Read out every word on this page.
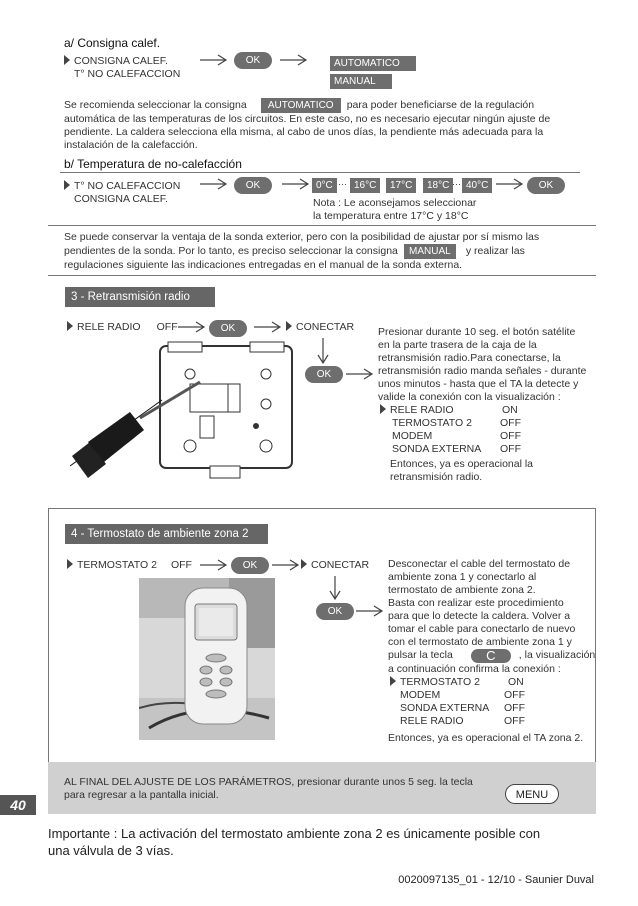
a/ Consigna calef.
CONSIGNA CALEF.
T° NO CALEFACCION
OK	AUTOMATICO
MANUAL
Se recomienda seleccionar la consigna AUTOMATICO para poder beneficiarse de la regulación
automática de las temperaturas de los circuitos. En este caso, no es necesario ejecutar ningún ajuste de
pendiente. La caldera selecciona ella misma, al cabo de unos días, la pendiente más adecuada para la
instalación de la calefacción.
b/ Temperatura de no-calefacción
T° NO CALEFACCION
CONSIGNA CALEF.
OK	0°C ··· 16°C	17°C	18°C ··· 40°C	OK
Nota : Le aconsejamos seleccionar
la temperatura entre 17°C y 18°C
Se puede conservar la ventaja de la sonda exterior, pero con la posibilidad de ajustar por sí mismo las
pendientes de la sonda. Por lo tanto, es preciso seleccionar la consigna MANUAL y realizar las
regulaciones siguiente las indicaciones entregadas en el manual de la sonda externa.
3 - Retransmisión radio
RELE RADIO OFF	OK	CONECTAR
OK
Presionar durante 10 seg. el botón satélite
en la parte trasera de la caja de la
retransmisión radio.Para conectarse, la
retransmisión radio manda señales - durante
unos minutos - hasta que el TA la detecte y
valide la conexión con la visualización :
RELE RADIO	ON
TERMOSTATO 2	OFF
MODEM	OFF
SONDA EXTERNA OFF
Entonces, ya es operacional la
retransmisión radio.
4 - Termostato de ambiente zona 2
TERMOSTATO 2 OFF	OK	CONECTAR
OK
Desconectar el cable del termostato de
ambiente zona 1 y conectarlo al
termostato de ambiente zona 2.
Basta con realizar este procedimiento
para que lo detecte la caldera. Volver a
tomar el cable para conectarlo de nuevo
con el termostato de ambiente zona 1 y
pulsar la tecla	C , la visualización
a continuación confirma la conexión :
TERMOSTATO 2	ON
MODEM	OFF
SONDA EXTERNA OFF
RELE RADIO	OFF
Entonces, ya es operacional el TA zona 2.
AL FINAL DEL AJUSTE DE LOS PARÁMETROS, presionar durante unos 5 seg. la tecla
para regresar a la pantalla inicial.	MENU
40
Importante : La activación del termostato ambiente zona 2 es únicamente posible con
una válvula de 3 vías.
0020097135_01 - 12/10 - Saunier Duval
